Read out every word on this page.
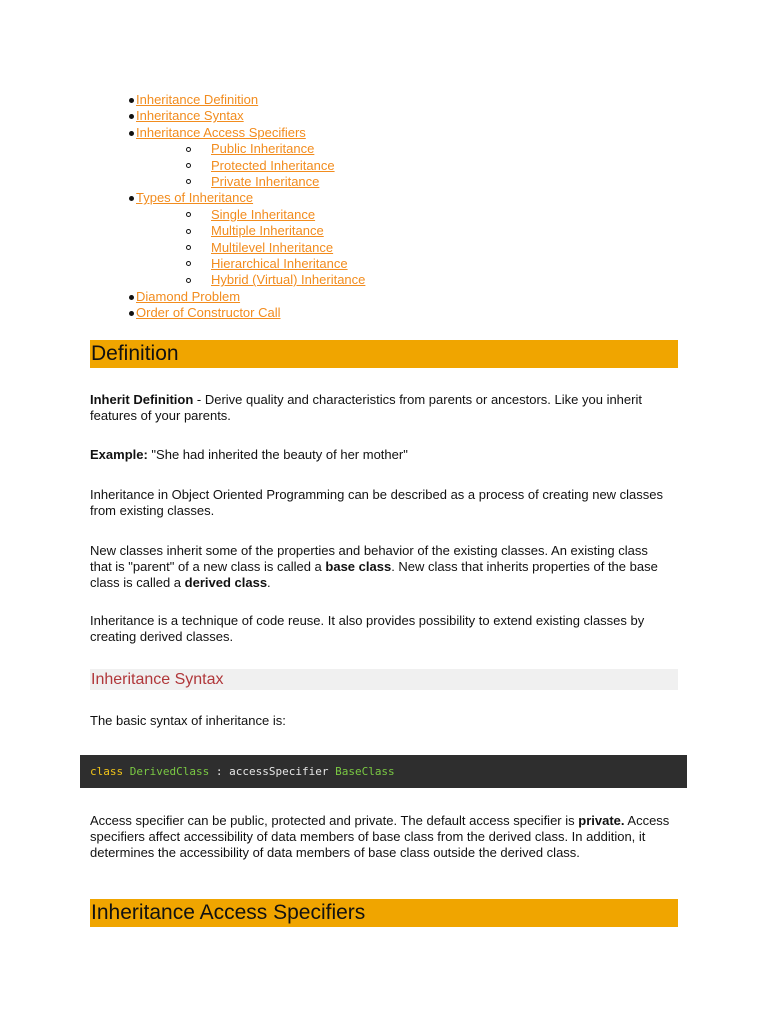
Inheritance Definition
Inheritance Syntax
Inheritance Access Specifiers
Public Inheritance
Protected Inheritance
Private Inheritance
Types of Inheritance
Single Inheritance
Multiple Inheritance
Multilevel Inheritance
Hierarchical Inheritance
Hybrid (Virtual) Inheritance
Diamond Problem
Order of Constructor Call
Definition
Inherit Definition - Derive quality and characteristics from parents or ancestors. Like you inherit features of your parents.
Example: "She had inherited the beauty of her mother"
Inheritance in Object Oriented Programming can be described as a process of creating new classes from existing classes.
New classes inherit some of the properties and behavior of the existing classes. An existing class that is "parent" of a new class is called a base class. New class that inherits properties of the base class is called a derived class.
Inheritance is a technique of code reuse. It also provides possibility to extend existing classes by creating derived classes.
Inheritance Syntax
The basic syntax of inheritance is:
class DerivedClass : accessSpecifier BaseClass
Access specifier can be public, protected and private. The default access specifier is private. Access specifiers affect accessibility of data members of base class from the derived class. In addition, it determines the accessibility of data members of base class outside the derived class.
Inheritance Access Specifiers
